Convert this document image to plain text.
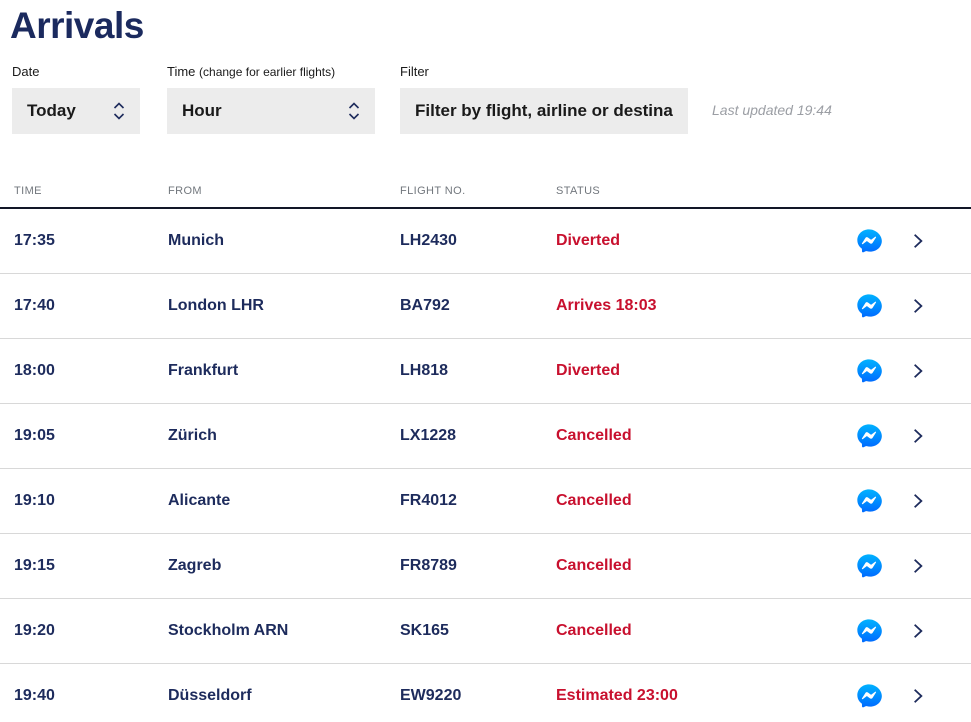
Arrivals
Date
Today
Time (change for earlier flights)
Hour
Filter
Filter by flight, airline or destination
Last updated 19:44
TIME	FROM	FLIGHT NO.	STATUS
17:35	Munich	LH2430	Diverted
17:40	London LHR	BA792	Arrives 18:03
18:00	Frankfurt	LH818	Diverted
19:05	Zürich	LX1228	Cancelled
19:10	Alicante	FR4012	Cancelled
19:15	Zagreb	FR8789	Cancelled
19:20	Stockholm ARN	SK165	Cancelled
19:40	Düsseldorf	EW9220	Estimated 23:00
